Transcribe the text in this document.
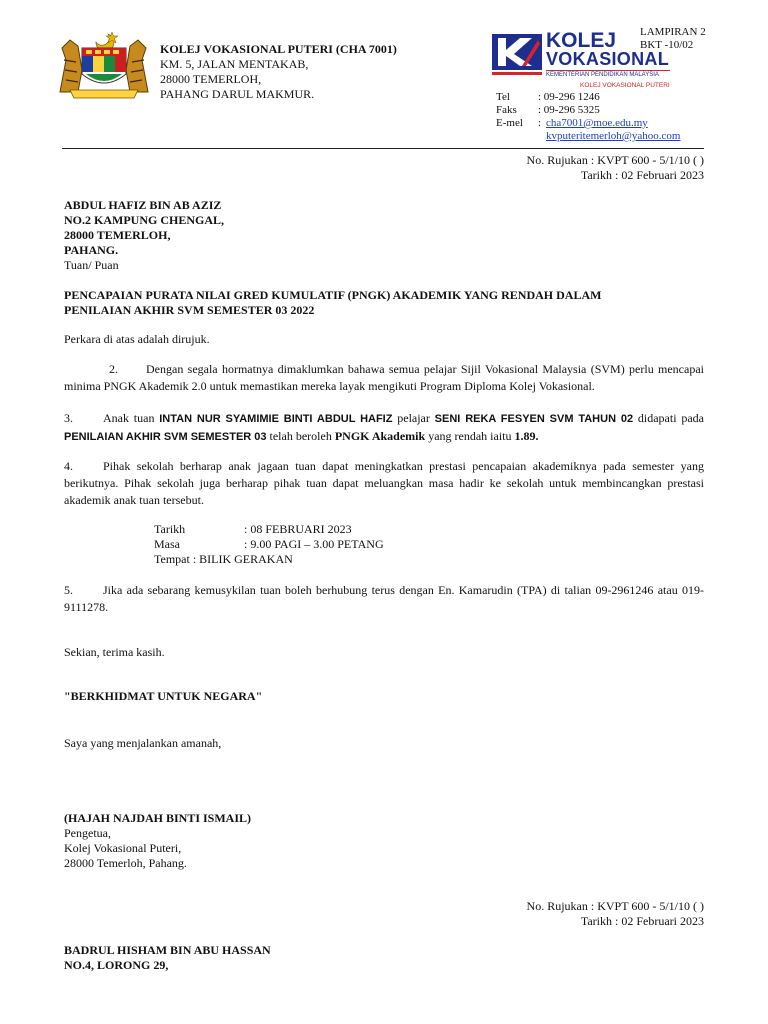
KOLEJ VOKASIONAL PUTERI (CHA 7001)
KM. 5, JALAN MENTAKAB,
28000 TEMERLOH,
PAHANG DARUL MAKMUR.
LAMPIRAN 2
BKT -10/02
KOLEJ
VOKASIONAL
KEMENTERIAN PENDIDIKAN MALAYSIA
KOLEJ VOKASIONAL PUTERI
Tel	: 09-296 1246
Faks : 09-296 5325
E-mel : cha7001@moe.edu.my
kvputeritemerloh@yahoo.com
No. Rujukan : KVPT 600 - 5/1/10 ( )
Tarikh : 02 Februari 2023
ABDUL HAFIZ BIN AB AZIZ
NO.2 KAMPUNG CHENGAL,
28000 TEMERLOH,
PAHANG.
Tuan/ Puan
PENCAPAIAN PURATA NILAI GRED KUMULATIF (PNGK) AKADEMIK YANG RENDAH DALAM
PENILAIAN AKHIR SVM SEMESTER 03 2022
Perkara di atas adalah dirujuk.
2. Dengan segala hormatnya dimaklumkan bahawa semua pelajar Sijil Vokasional Malaysia (SVM) perlu mencapai minima PNGK Akademik 2.0 untuk memastikan mereka layak mengikuti Program Diploma Kolej Vokasional.
3.	Anak tuan INTAN NUR SYAMIMIE BINTI ABDUL HAFIZ pelajar SENI REKA FESYEN SVM TAHUN 02 didapati pada PENILAIAN AKHIR SVM SEMESTER 03 telah beroleh PNGK Akademik yang rendah iaitu 1.89.
4.	Pihak sekolah berharap anak jagaan tuan dapat meningkatkan prestasi pencapaian akademiknya pada semester yang berikutnya. Pihak sekolah juga berharap pihak tuan dapat meluangkan masa hadir ke sekolah untuk membincangkan prestasi akademik anak tuan tersebut.
Tarikh	: 08 FEBRUARI 2023
Masa	: 9.00 PAGI – 3.00 PETANG
Tempat : BILIK GERAKAN
5.	Jika ada sebarang kemusykilan tuan boleh berhubung terus dengan En. Kamarudin (TPA) di talian 09-2961246 atau 019-9111278.
Sekian, terima kasih.
"BERKHIDMAT UNTUK NEGARA"
Saya yang menjalankan amanah,
(HAJAH NAJDAH BINTI ISMAIL)
Pengetua,
Kolej Vokasional Puteri,
28000 Temerloh, Pahang.
No. Rujukan : KVPT 600 - 5/1/10 ( )
Tarikh : 02 Februari 2023
BADRUL HISHAM BIN ABU HASSAN
NO.4, LORONG 29,
